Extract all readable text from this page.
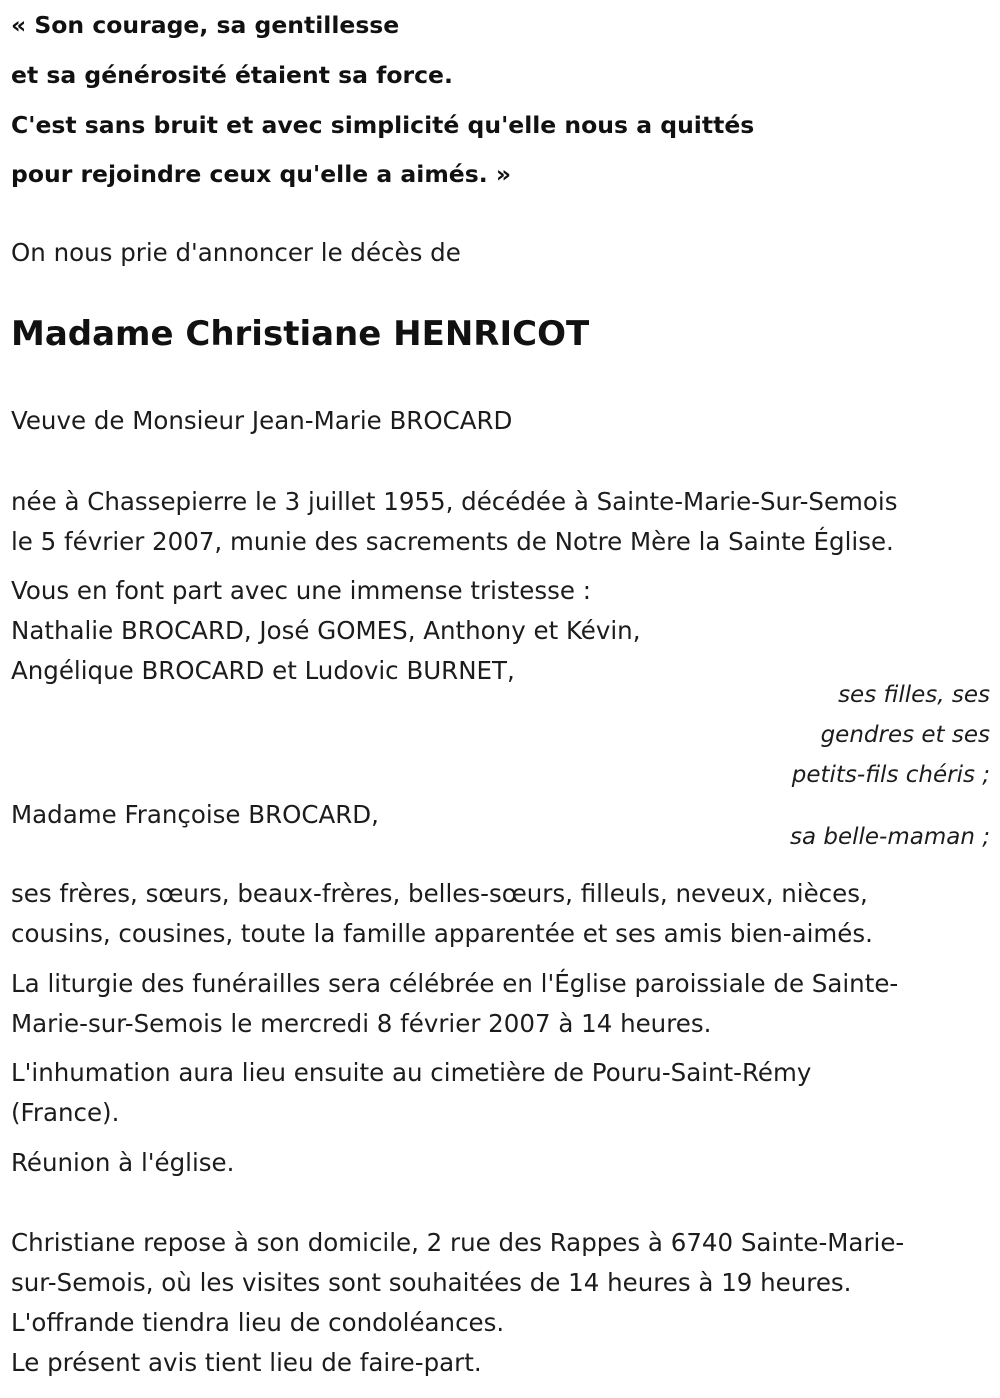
« Son courage, sa gentillesse
et sa générosité étaient sa force.
C'est sans bruit et avec simplicité qu'elle nous a quittés
pour rejoindre ceux qu'elle a aimés. »
On nous prie d'annoncer le décès de
Madame Christiane HENRICOT
Veuve de Monsieur Jean-Marie BROCARD
née à Chassepierre le 3 juillet 1955, décédée à Sainte-Marie-Sur-Semois
le 5 février 2007, munie des sacrements de Notre Mère la Sainte Église.
Vous en font part avec une immense tristesse :
Nathalie BROCARD, José GOMES, Anthony et Kévin,
Angélique BROCARD et Ludovic BURNET,
ses filles, ses
gendres et ses
petits-fils chéris ;
Madame Françoise BROCARD,
sa belle-maman ;
ses frères, sœurs, beaux-frères, belles-sœurs, filleuls, neveux, nièces,
cousins, cousines, toute la famille apparentée et ses amis bien-aimés.
La liturgie des funérailles sera célébrée en l'Église paroissiale de Sainte-
Marie-sur-Semois le mercredi 8 février 2007 à 14 heures.
L'inhumation aura lieu ensuite au cimetière de Pouru-Saint-Rémy
(France).
Réunion à l'église.
Christiane repose à son domicile, 2 rue des Rappes à 6740 Sainte-Marie-
sur-Semois, où les visites sont souhaitées de 14 heures à 19 heures.
L'offrande tiendra lieu de condoléances.
Le présent avis tient lieu de faire-part.
